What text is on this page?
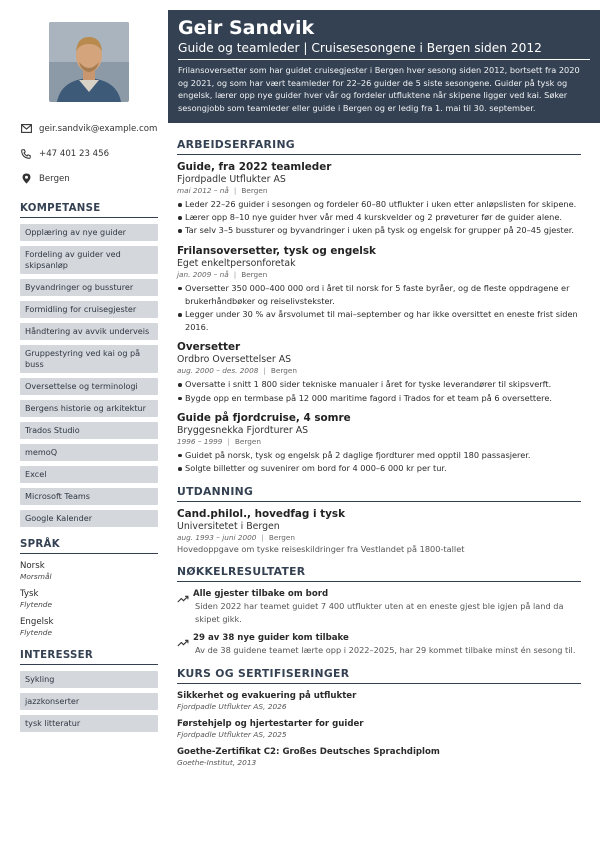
geir.sandvik@example.com
+47 401 23 456
Bergen
KOMPETANSE
Opplæring av nye guider
Fordeling av guider ved skipsanløp
Byvandringer og bussturer
Formidling for cruisegjester
Håndtering av avvik underveis
Gruppestyring ved kai og på buss
Oversettelse og terminologi
Bergens historie og arkitektur
Trados Studio
memoQ
Excel
Microsoft Teams
Google Kalender
SPRÅK
Norsk
Morsmål
Tysk
Flytende
Engelsk
Flytende
INTERESSER
Sykling
jazzkonserter
tysk litteratur
Geir Sandvik
Guide og teamleder | Cruisesesongene i Bergen siden 2012
Frilansoversetter som har guidet cruisegjester i Bergen hver sesong siden 2012, bortsett fra 2020 og 2021, og som har vært teamleder for 22–26 guider de 5 siste sesongene. Guider på tysk og engelsk, lærer opp nye guider hver vår og fordeler utfluktene når skipene ligger ved kai. Søker sesongjobb som teamleder eller guide i Bergen og er ledig fra 1. mai til 30. september.
ARBEIDSERFARING
Guide, fra 2022 teamleder
Fjordpadle Utflukter AS
mai 2012 – nå | Bergen
Leder 22–26 guider i sesongen og fordeler 60–80 utflukter i uken etter anløpslisten for skipene.
Lærer opp 8–10 nye guider hver vår med 4 kurskvelder og 2 prøveturer før de guider alene.
Tar selv 3–5 bussturer og byvandringer i uken på tysk og engelsk for grupper på 20–45 gjester.
Frilansoversetter, tysk og engelsk
Eget enkeltpersonforetak
jan. 2009 – nå | Bergen
Oversetter 350 000–400 000 ord i året til norsk for 5 faste byråer, og de fleste oppdragene er brukerhåndbøker og reiselivstekster.
Legger under 30 % av årsvolumet til mai–september og har ikke oversittet en eneste frist siden 2016.
Oversetter
Ordbro Oversettelser AS
aug. 2000 – des. 2008 | Bergen
Oversatte i snitt 1 800 sider tekniske manualer i året for tyske leverandører til skipsverft.
Bygde opp en termbase på 12 000 maritime fagord i Trados for et team på 6 oversettere.
Guide på fjordcruise, 4 somre
Bryggesnekka Fjordturer AS
1996 – 1999 | Bergen
Guidet på norsk, tysk og engelsk på 2 daglige fjordturer med opptil 180 passasjerer.
Solgte billetter og suvenirer om bord for 4 000–6 000 kr per tur.
UTDANNING
Cand.philol., hovedfag i tysk
Universitetet i Bergen
aug. 1993 – juni 2000 | Bergen
Hovedoppgave om tyske reiseskildringer fra Vestlandet på 1800-tallet
NØKKELRESULTATER
Alle gjester tilbake om bord
Siden 2022 har teamet guidet 7 400 utflukter uten at en eneste gjest ble igjen på land da skipet gikk.
29 av 38 nye guider kom tilbake
Av de 38 guidene teamet lærte opp i 2022–2025, har 29 kommet tilbake minst én sesong til.
KURS OG SERTIFISERINGER
Sikkerhet og evakuering på utflukter
Fjordpadle Utflukter AS, 2026
Førstehjelp og hjertestarter for guider
Fjordpadle Utflukter AS, 2025
Goethe-Zertifikat C2: Großes Deutsches Sprachdiplom
Goethe-Institut, 2013
